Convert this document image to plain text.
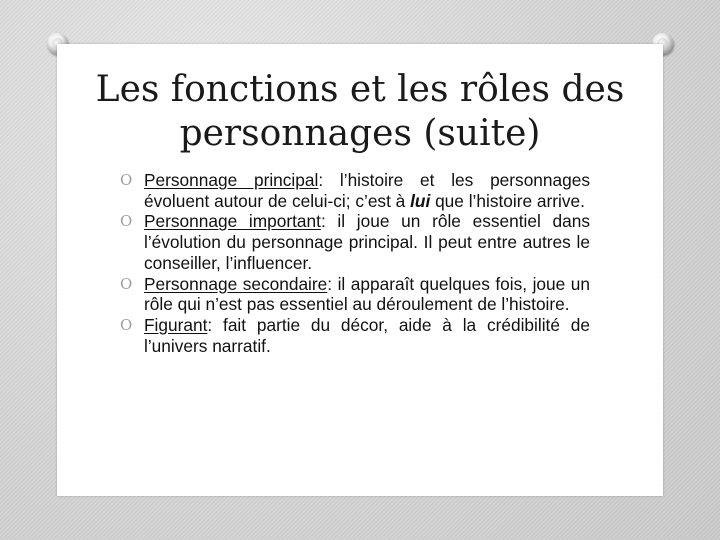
Les fonctions et les rôles des
personnages (suite)
O Personnage principal: l’histoire et les personnages évoluent autour de celui-ci; c’est à lui que l’histoire arrive.
O Personnage important: il joue un rôle essentiel dans l’évolution du personnage principal. Il peut entre autres le conseiller, l’influencer.
O Personnage secondaire: il apparaît quelques fois, joue un rôle qui n’est pas essentiel au déroulement de l’histoire.
O Figurant: fait partie du décor, aide à la crédibilité de l’univers narratif.
